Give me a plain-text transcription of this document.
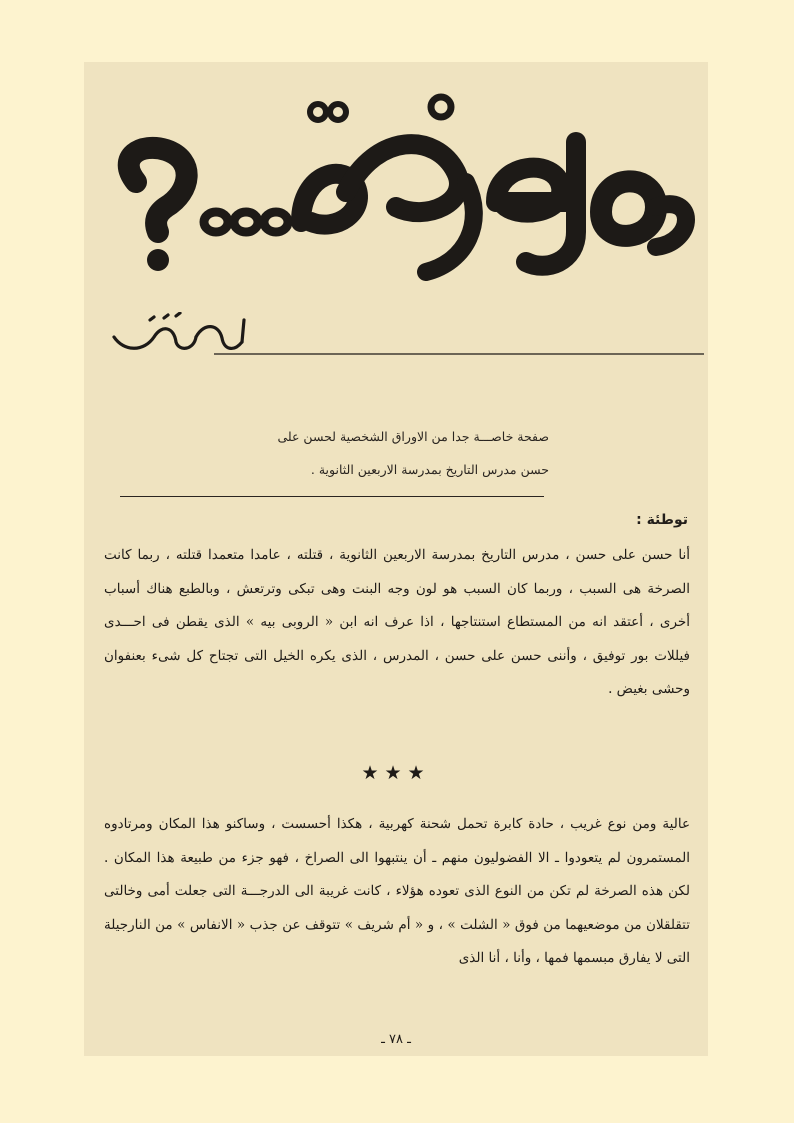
صفحة خاصـــة جدا من الاوراق الشخصية لحسن على
حسن مدرس التاريخ بمدرسة الاربعين الثانوية .
توطئة :

أنا حسن على حسن ، مدرس التاريخ بمدرسة الاربعين الثانوية ، قتلته ، عامدا متعمدا قتلته ، ربما كانت الصرخة هى السبب ، وربما كان السبب هو لون وجه البنت وهى تبكى وترتعش ، وبالطبع هناك أسباب أخرى ، أعتقد انه من المستطاع استنتاجها ، اذا عرف انه ابن « الروبى بيه » الذى يقطن فى احـــدى فيللات بور توفيق ، وأننى حسن على حسن ، المدرس ، الذى يكره الخيل التى تجتاح كل شىء بعنفوان وحشى بغيض .

★★★

عالية ومن نوع غريب ، حادة كابرة تحمل شحنة كهربية ، هكذا أحسست ، وساكنو هذا المكان ومرتادوه المستمرون لم يتعودوا ـ الا الفضوليون منهم ـ أن ينتبهوا الى الصراخ ، فهو جزء من طبيعة هذا المكان . لكن هذه الصرخة لم تكن من النوع الذى تعوده هؤلاء ، كانت غريبة الى الدرجـــة التى جعلت أمى وخالتى تتقلقلان من موضعيهما من فوق « الشلت » ، و « أم شريف » تتوقف عن جذب « الانفاس » من النارجيلة التى لا يفارق مبسمها فمها ، وأنا ، أنا الذى

ـ ٧٨ ـ
